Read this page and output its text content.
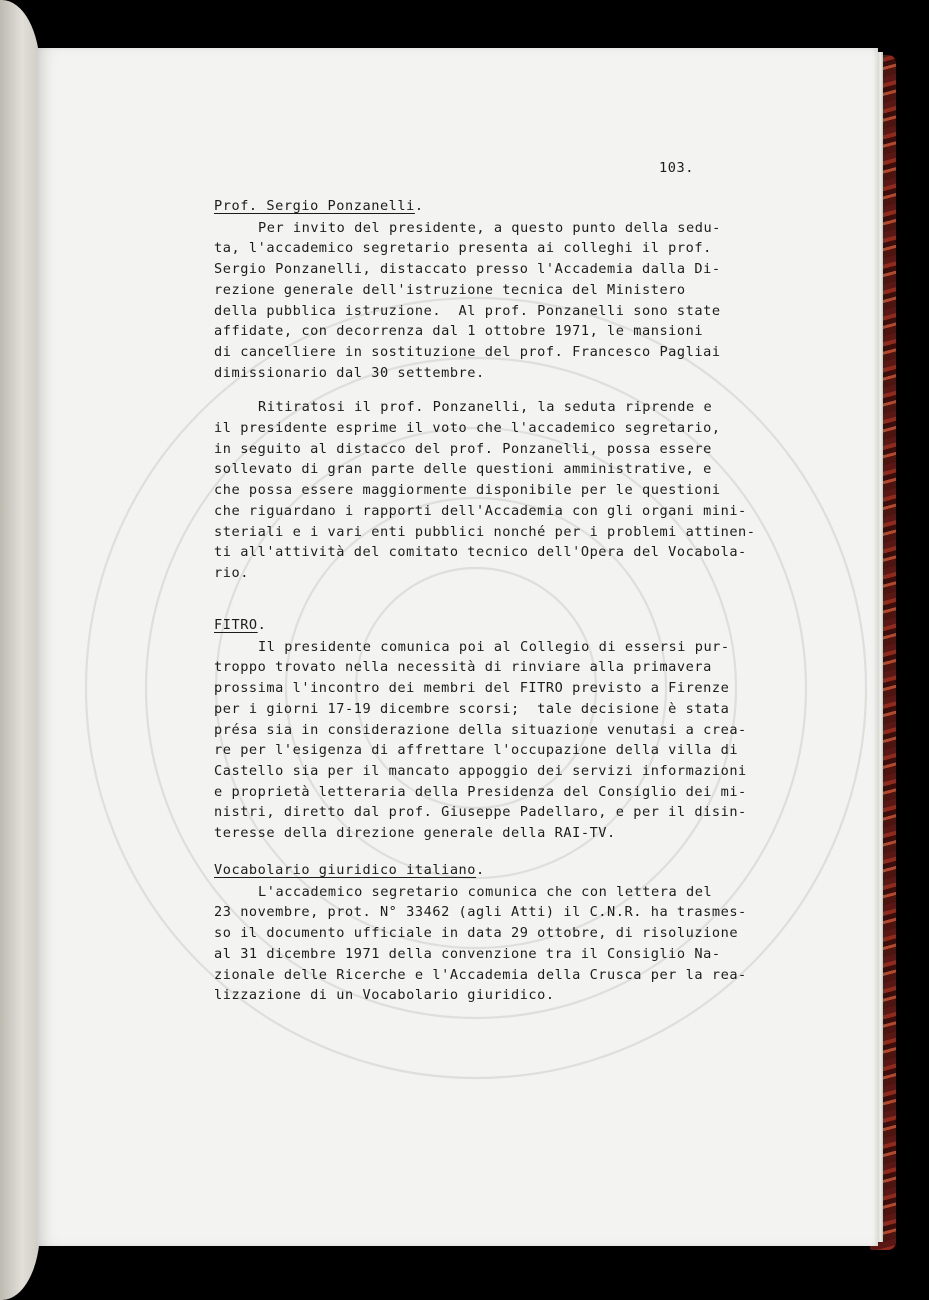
103.
Prof. Sergio Ponzanelli.
Per invito del presidente, a questo punto della sedu-
ta, l'accademico segretario presenta ai colleghi il prof.
Sergio Ponzanelli, distaccato presso l'Accademia dalla Di-
rezione generale dell'istruzione tecnica del Ministero
della pubblica istruzione.  Al prof. Ponzanelli sono state
affidate, con decorrenza dal 1 ottobre 1971, le mansioni
di cancelliere in sostituzione del prof. Francesco Pagliai
dimissionario dal 30 settembre.
Ritiratosi il prof. Ponzanelli, la seduta riprende e
il presidente esprime il voto che l'accademico segretario,
in seguito al distacco del prof. Ponzanelli, possa essere
sollevato di gran parte delle questioni amministrative, e
che possa essere maggiormente disponibile per le questioni
che riguardano i rapporti dell'Accademia con gli organi mini-
steriali e i vari enti pubblici nonché per i problemi attinen-
ti all'attività del comitato tecnico dell'Opera del Vocabola-
rio.
FITRO.
Il presidente comunica poi al Collegio di essersi pur-
troppo trovato nella necessità di rinviare alla primavera
prossima l'incontro dei membri del FITRO previsto a Firenze
per i giorni 17-19 dicembre scorsi;  tale decisione è stata
présa sia in considerazione della situazione venutasi a crea-
re per l'esigenza di affrettare l'occupazione della villa di
Castello sia per il mancato appoggio dei servizi informazioni
e proprietà letteraria della Presidenza del Consiglio dei mi-
nistri, diretto dal prof. Giuseppe Padellaro, e per il disin-
teresse della direzione generale della RAI-TV.
Vocabolario giuridico italiano.
L'accademico segretario comunica che con lettera del
23 novembre, prot. N° 33462 (agli Atti) il C.N.R. ha trasmes-
so il documento ufficiale in data 29 ottobre, di risoluzione
al 31 dicembre 1971 della convenzione tra il Consiglio Na-
zionale delle Ricerche e l'Accademia della Crusca per la rea-
lizzazione di un Vocabolario giuridico.
